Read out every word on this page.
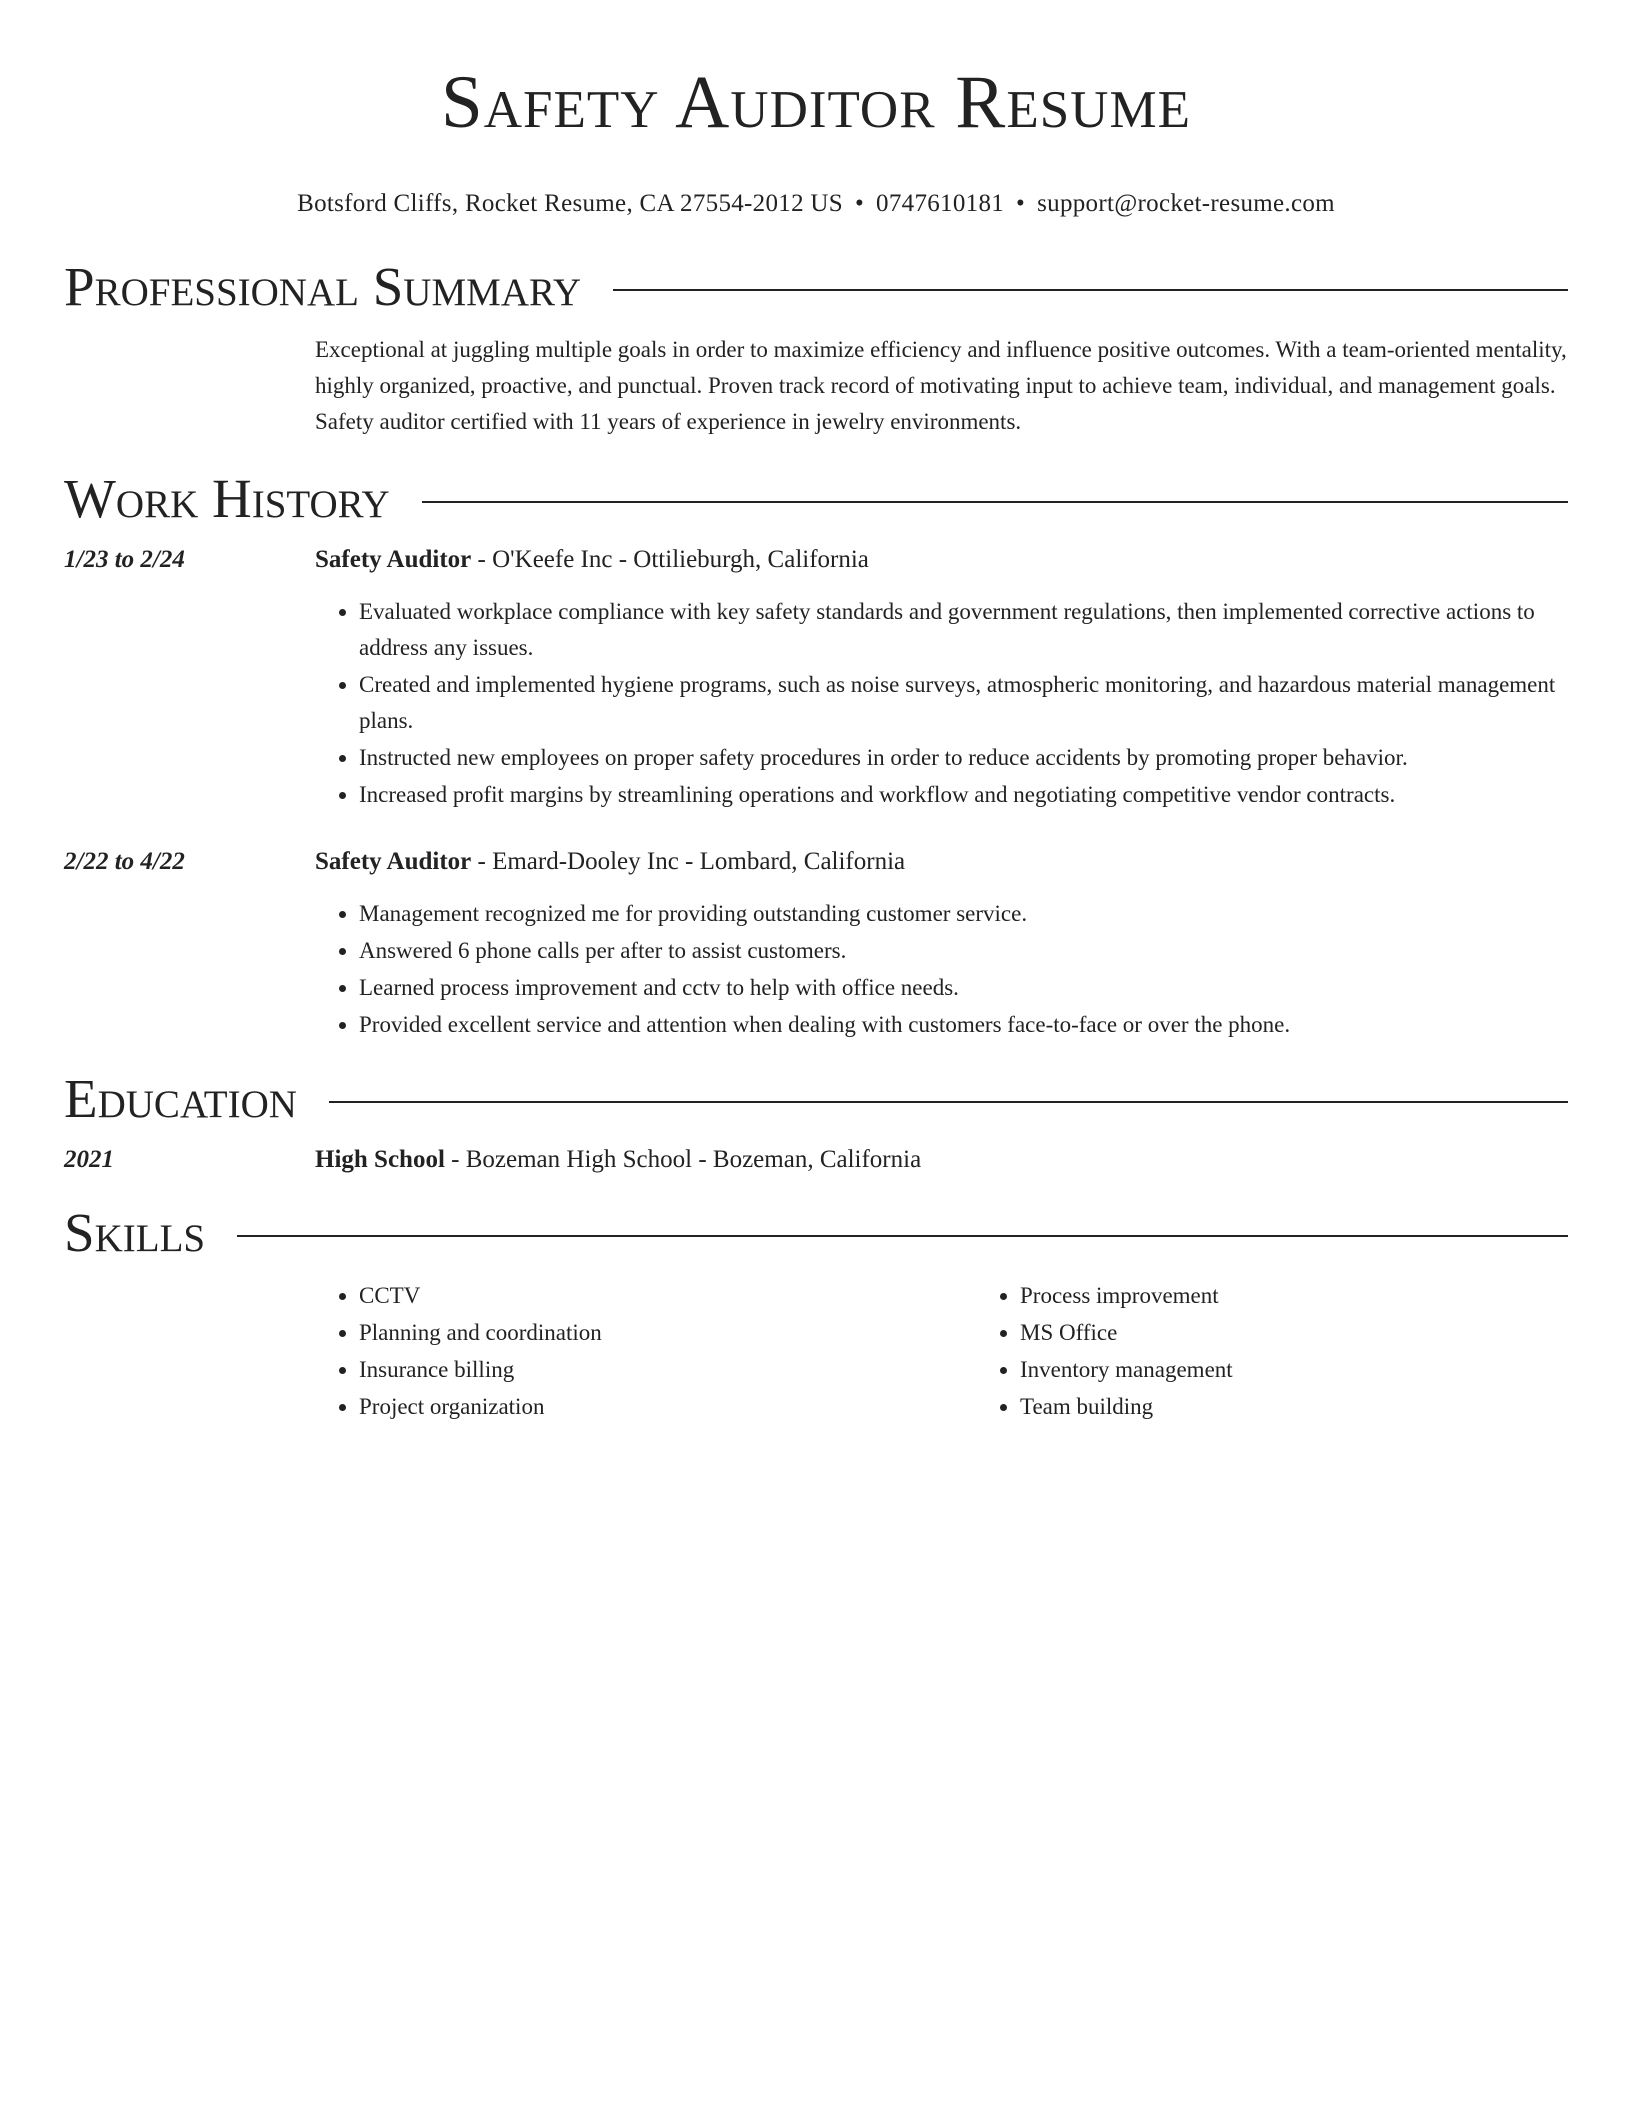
Safety Auditor Resume
Botsford Cliffs, Rocket Resume, CA 27554-2012 US • 0747610181 • support@rocket-resume.com
Professional Summary
Exceptional at juggling multiple goals in order to maximize efficiency and influence positive outcomes. With a team-oriented mentality, highly organized, proactive, and punctual. Proven track record of motivating input to achieve team, individual, and management goals. Safety auditor certified with 11 years of experience in jewelry environments.
Work History
1/23 to 2/24	Safety Auditor - O'Keefe Inc - Ottilieburgh, California
• Evaluated workplace compliance with key safety standards and government regulations, then implemented corrective actions to address any issues.
• Created and implemented hygiene programs, such as noise surveys, atmospheric monitoring, and hazardous material management plans.
• Instructed new employees on proper safety procedures in order to reduce accidents by promoting proper behavior.
• Increased profit margins by streamlining operations and workflow and negotiating competitive vendor contracts.
2/22 to 4/22	Safety Auditor - Emard-Dooley Inc - Lombard, California
• Management recognized me for providing outstanding customer service.
• Answered 6 phone calls per after to assist customers.
• Learned process improvement and cctv to help with office needs.
• Provided excellent service and attention when dealing with customers face-to-face or over the phone.
Education
2021	High School - Bozeman High School - Bozeman, California
Skills
• CCTV
• Planning and coordination
• Insurance billing
• Project organization
• Process improvement
• MS Office
• Inventory management
• Team building
